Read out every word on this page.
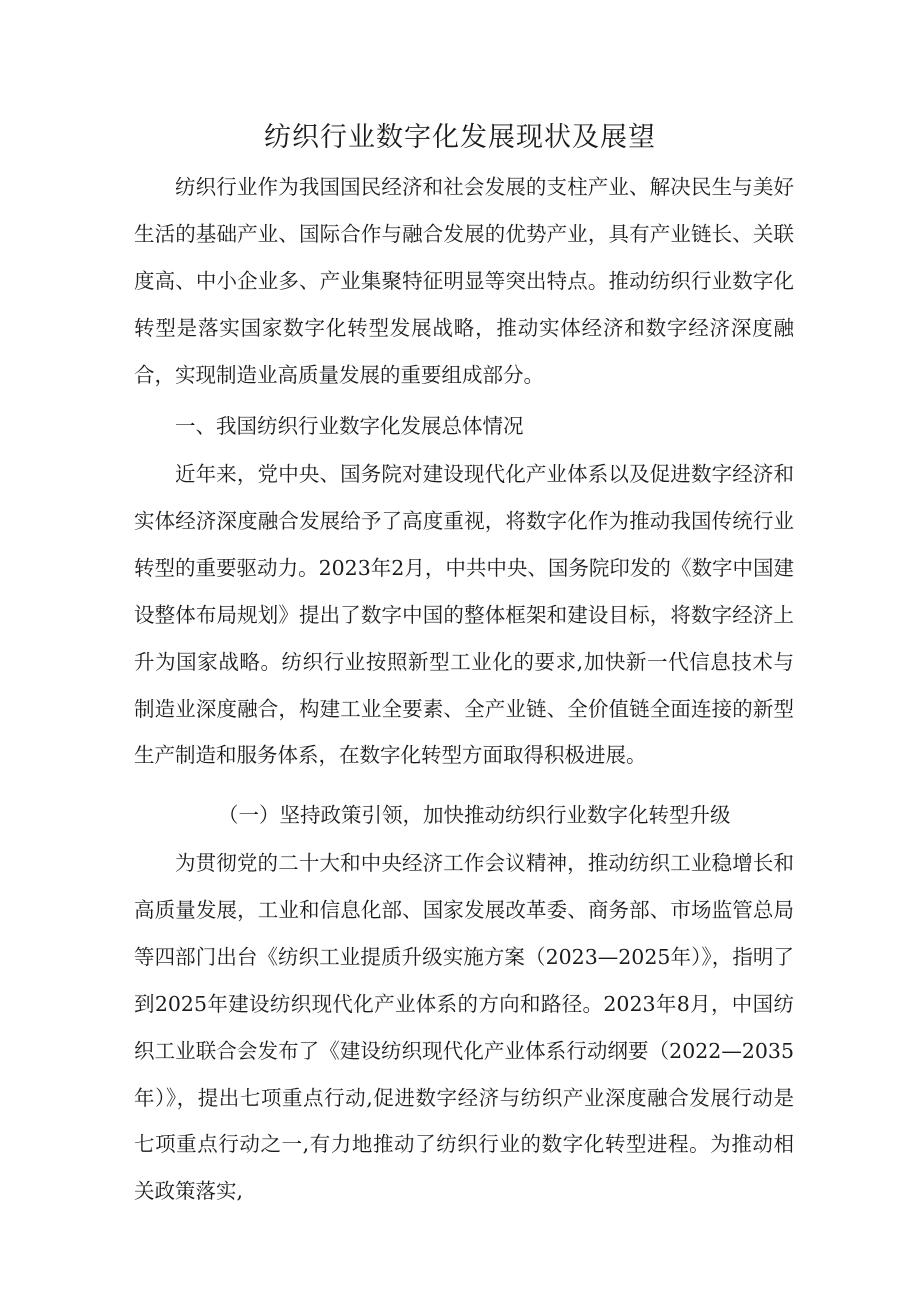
纺织行业数字化发展现状及展望

纺织行业作为我国国民经济和社会发展的支柱产业、解决民生与美好生活的基础产业、国际合作与融合发展的优势产业，具有产业链长、关联度高、中小企业多、产业集聚特征明显等突出特点。推动纺织行业数字化转型是落实国家数字化转型发展战略，推动实体经济和数字经济深度融合，实现制造业高质量发展的重要组成部分。

一、我国纺织行业数字化发展总体情况

近年来，党中央、国务院对建设现代化产业体系以及促进数字经济和实体经济深度融合发展给予了高度重视，将数字化作为推动我国传统行业转型的重要驱动力。2023年2月，中共中央、国务院印发的《数字中国建设整体布局规划》提出了数字中国的整体框架和建设目标，将数字经济上升为国家战略。纺织行业按照新型工业化的要求,加快新一代信息技术与制造业深度融合，构建工业全要素、全产业链、全价值链全面连接的新型生产制造和服务体系，在数字化转型方面取得积极进展。

（一）坚持政策引领，加快推动纺织行业数字化转型升级

为贯彻党的二十大和中央经济工作会议精神，推动纺织工业稳增长和高质量发展，工业和信息化部、国家发展改革委、商务部、市场监管总局等四部门出台《纺织工业提质升级实施方案（2023—2025年）》，指明了到2025年建设纺织现代化产业体系的方向和路径。2023年8月，中国纺织工业联合会发布了《建设纺织现代化产业体系行动纲要（2022—2035年）》，提出七项重点行动,促进数字经济与纺织产业深度融合发展行动是七项重点行动之一,有力地推动了纺织行业的数字化转型进程。为推动相关政策落实,
